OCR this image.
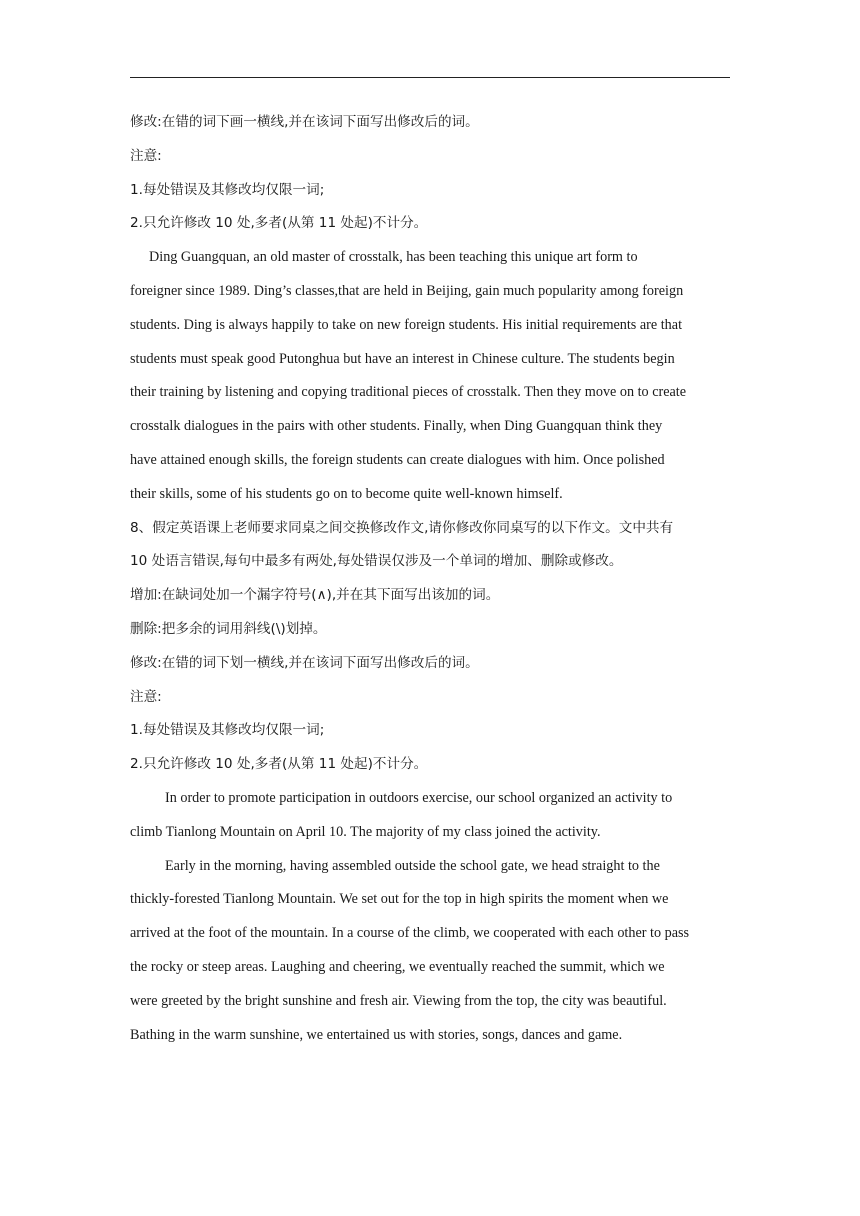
修改:在错的词下画一横线,并在该词下面写出修改后的词。
注意:
1.每处错误及其修改均仅限一词;
2.只允许修改 10 处,多者(从第 11 处起)不计分。
Ding Guangquan, an old master of crosstalk, has been teaching this unique art form to
foreigner since 1989. Ding’s classes,that are held in Beijing, gain much popularity among foreign
students. Ding is always happily to take on new foreign students. His initial requirements are that
students must speak good Putonghua but have an interest in Chinese culture. The students begin
their training by listening and copying traditional pieces of crosstalk. Then they move on to create
crosstalk dialogues in the pairs with other students. Finally, when Ding Guangquan think they
have attained enough skills, the foreign students can create dialogues with him. Once polished
their skills, some of his students go on to become quite well-known himself.
8、假定英语课上老师要求同桌之间交换修改作文,请你修改你同桌写的以下作文。文中共有
10 处语言错误,每句中最多有两处,每处错误仅涉及一个单词的增加、删除或修改。
增加:在缺词处加一个漏字符号(∧),并在其下面写出该加的词。
删除:把多余的词用斜线(\)划掉。
修改:在错的词下划一横线,并在该词下面写出修改后的词。
注意:
1.每处错误及其修改均仅限一词;
2.只允许修改 10 处,多者(从第 11 处起)不计分。
In order to promote participation in outdoors exercise, our school organized an activity to
climb Tianlong Mountain on April 10. The majority of my class joined the activity.
Early in the morning, having assembled outside the school gate, we head straight to the
thickly-forested Tianlong Mountain. We set out for the top in high spirits the moment when we
arrived at the foot of the mountain. In a course of the climb, we cooperated with each other to pass
the rocky or steep areas. Laughing and cheering, we eventually reached the summit, which we
were greeted by the bright sunshine and fresh air. Viewing from the top, the city was beautiful.
Bathing in the warm sunshine, we entertained us with stories, songs, dances and game.
